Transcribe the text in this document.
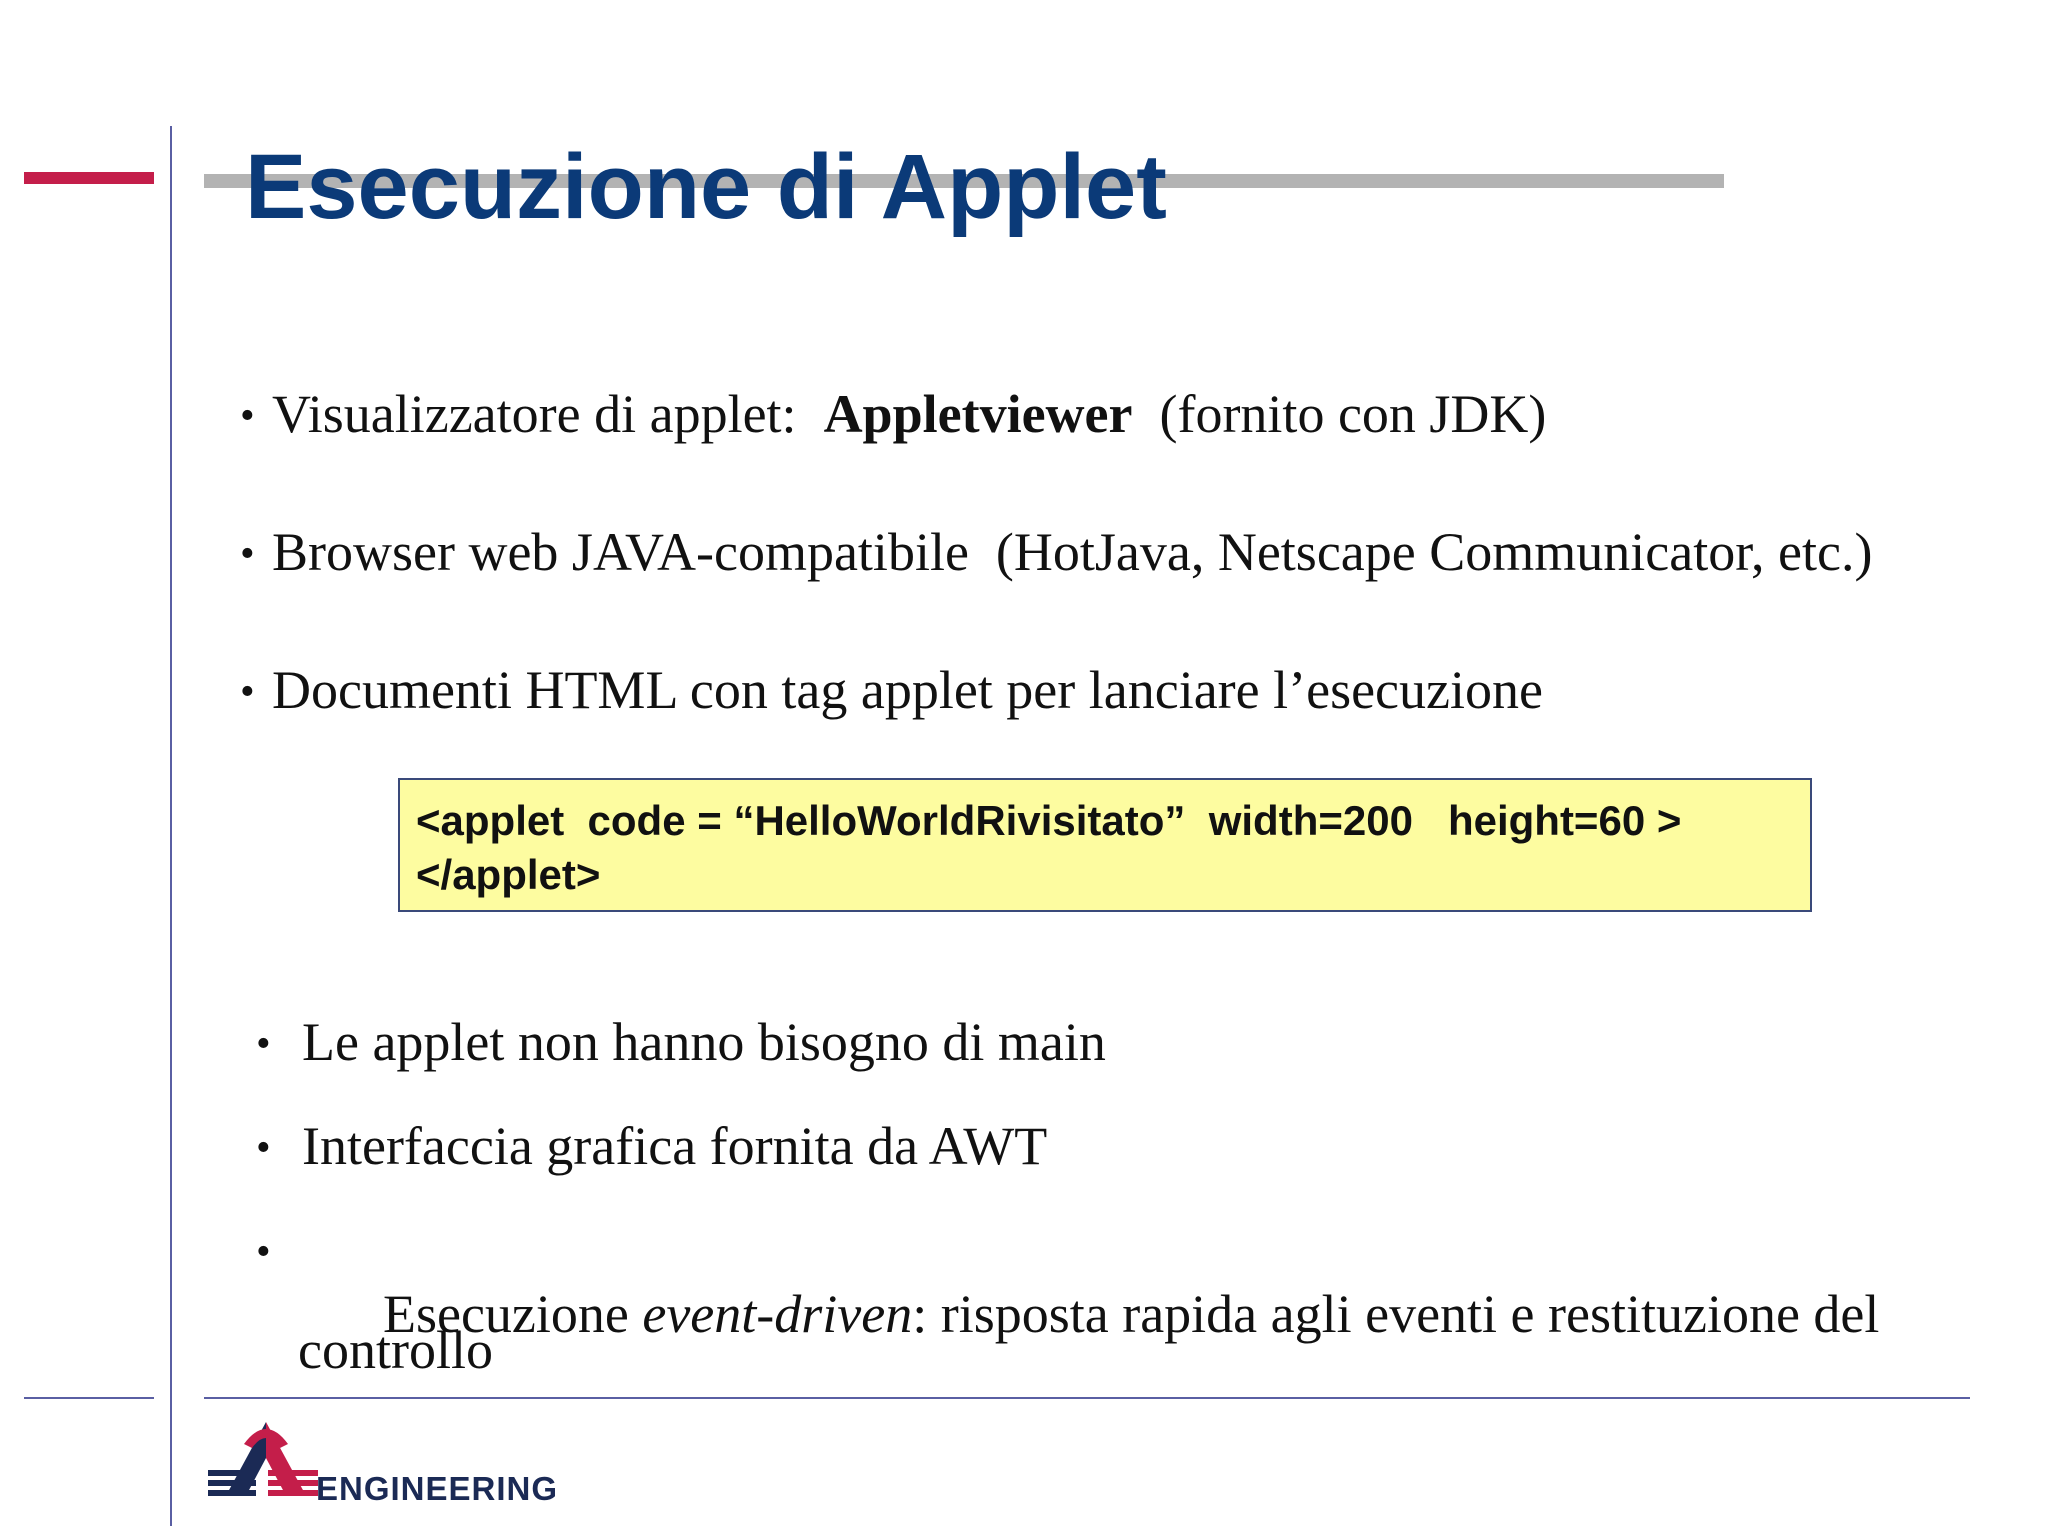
Esecuzione di Applet
• Visualizzatore di applet:  Appletviewer  (fornito con JDK)
• Browser web JAVA-compatibile  (HotJava, Netscape Communicator, etc.)
• Documenti HTML con tag applet per lanciare l’esecuzione
<applet  code = “HelloWorldRivisitato”  width=200   height=60 >
</applet>
• Le applet non hanno bisogno di main
• Interfaccia grafica fornita da AWT
•

Esecuzione event-driven: risposta rapida agli eventi e restituzione del

controllo
ENGINEERING
